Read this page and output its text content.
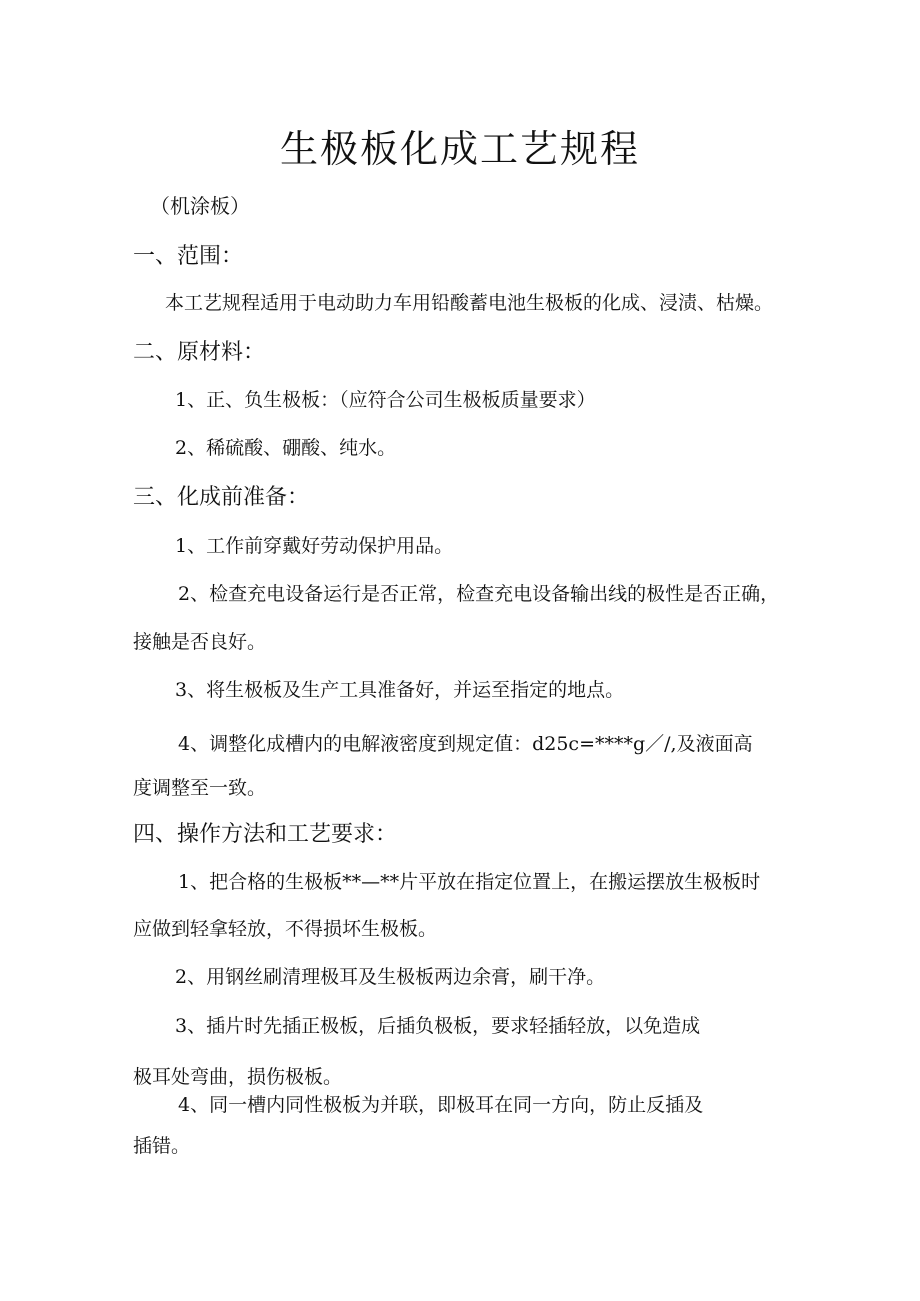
生极板化成工艺规程
（机涂板）
一、范围：
本工艺规程适用于电动助力车用铅酸蓄电池生极板的化成、浸渍、枯燥。
二、原材料：
1、正、负生极板：（应符合公司生极板质量要求）
2、稀硫酸、硼酸、纯水。
三、化成前准备：
1、工作前穿戴好劳动保护用品。
2、检查充电设备运行是否正常，检查充电设备输出线的极性是否正确，
接触是否良好。
3、将生极板及生产工具准备好，并运至指定的地点。
4、调整化成槽内的电解液密度到规定值：d25c=****g／/,及液面高
度调整至一致。
四、操作方法和工艺要求：
1、把合格的生极板**—**片平放在指定位置上，在搬运摆放生极板时
应做到轻拿轻放，不得损坏生极板。
2、用钢丝刷清理极耳及生极板两边余膏，刷干净。
3、插片时先插正极板，后插负极板，要求轻插轻放，以免造成
极耳处弯曲，损伤极板。
4、同一槽内同性极板为并联，即极耳在同一方向，防止反插及
插错。
